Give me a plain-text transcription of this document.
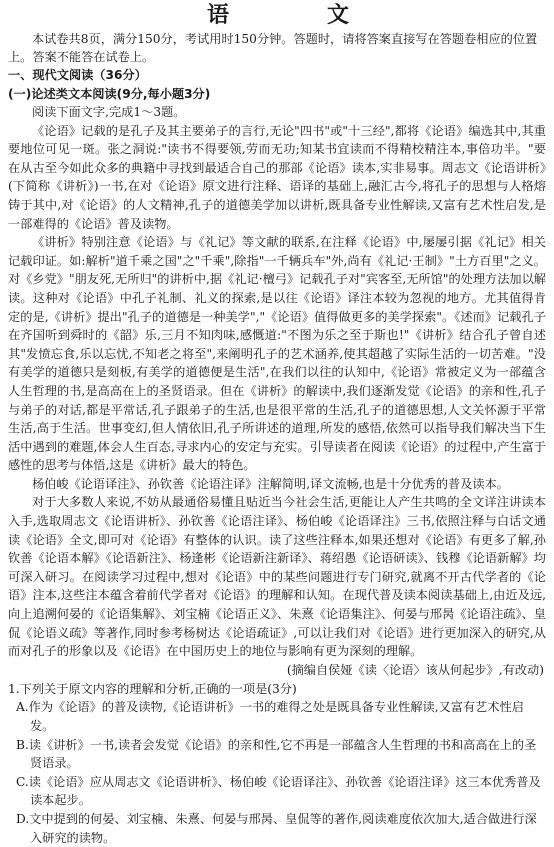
语　文

本试卷共8页，满分150分，考试用时150分钟。答题时，请将答案直接写在答题卷相应的位置上。答案不能答在试卷上。

一、现代文阅读（36分）
(一)论述类文本阅读(9分,每小题3分)

阅读下面文字,完成1～3题。

《论语》记载的是孔子及其主要弟子的言行,无论"四书"或"十三经",都将《论语》编选其中,其重要地位可见一斑。张之洞说:"读书不得要领,劳而无功;知某书宜读而不得精校精注本,事倍功半。"要在从古至今如此众多的典籍中寻找到最适合自己的那部《论语》读本,实非易事。周志文《论语讲析》(下简称《讲析》)一书,在对《论语》原文进行注释、语译的基础上,融汇古今,将孔子的思想与人格熔铸于其中,对《论语》的人文精神,孔子的道德美学加以讲析,既具备专业性解读,又富有艺术性启发,是一部难得的《论语》普及读物。

《讲析》特别注意《论语》与《礼记》等文献的联系,在注释《论语》中,屡屡引据《礼记》相关记载印证。如:解析"道千乘之国"之"千乘",除指"一千辆兵车"外,尚有《礼记·王制》"土方百里"之义。对《乡党》"朋友死,无所归"的讲析中,据《礼记·檀弓》记载孔子对"宾客至,无所馆"的处理方法加以解读。这种对《论语》中孔子礼制、礼义的探索,是以往《论语》译注本较为忽视的地方。尤其值得肯定的是,《讲析》提出"孔子的道德是一种美学","《论语》值得做更多的美学探索"。《述而》记载孔子在齐国听到舜时的《韶》乐,三月不知肉味,感慨道:"不图为乐之至于斯也!"《讲析》结合孔子曾自述其"发愤忘食,乐以忘忧,不知老之将至",来阐明孔子的艺术涵养,使其超越了实际生活的一切苦难。"没有美学的道德只是刻板,有美学的道德便是生活",在我们以往的认知中,《论语》常被定义为一部蕴含人生哲理的书,是高高在上的圣贤语录。但在《讲析》的解读中,我们逐渐发觉《论语》的亲和性,孔子与弟子的对话,都是平常话,孔子跟弟子的生活,也是很平常的生活,孔子的道德思想,人文关怀源于平常生活,高于生活。世事变幻,但人情依旧,孔子所讲述的道理,所发的感悟,依然可以指导我们解决当下生活中遇到的难题,体会人生百态,寻求内心的安定与充实。引导读者在阅读《论语》的过程中,产生富于感性的思考与体悟,这是《讲析》最大的特色。

杨伯峻《论语译注》、孙钦善《论语注译》注解简明,译文流畅,也是十分优秀的普及读本。

对于大多数人来说,不妨从最通俗易懂且贴近当今社会生活,更能让人产生共鸣的全文详注讲读本入手,选取周志文《论语讲析》、孙钦善《论语注译》、杨伯峻《论语译注》三书,依照注释与白话文通读《论语》全文,即可对《论语》有整体的认识。读了这些注释本,如果还想对《论语》有更多了解,孙钦善《论语本解》《论语新注》、杨逢彬《论语新注新译》、蒋绍愚《论语研读》、钱穆《论语新解》均可深入研习。在阅读学习过程中,想对《论语》中的某些问题进行专门研究,就离不开古代学者的《论语》注本,这些注本蕴含着前代学者对《论语》的理解和认知。在现代普及读本阅读基础上,由近及远,向上追溯何晏的《论语集解》、刘宝楠《论语正义》、朱熹《论语集注》、何晏与邢昺《论语注疏》、皇侃《论语义疏》等著作,同时参考杨树达《论语疏证》,可以让我们对《论语》进行更加深入的研究,从而对孔子的形象以及《论语》在中国历史上的地位与影响有更为深刻的理解。

(摘编自侯娅《读〈论语〉该从何起步》,有改动)
1.下列关于原文内容的理解和分析,正确的一项是(3分)
A.作为《论语》的普及读物,《论语讲析》一书的难得之处是既具备专业性解读,又富有艺术性启发。
B.读《讲析》一书,读者会发觉《论语》的亲和性,它不再是一部蕴含人生哲理的书和高高在上的圣贤语录。
C.读《论语》应从周志文《论语讲析》、杨伯峻《论语译注》、孙钦善《论语注译》这三本优秀普及读本起步。
D.文中提到的何晏、刘宝楠、朱熹、何晏与邢昺、皇侃等的著作,阅读难度依次加大,适合做进行深入研究的读物。
